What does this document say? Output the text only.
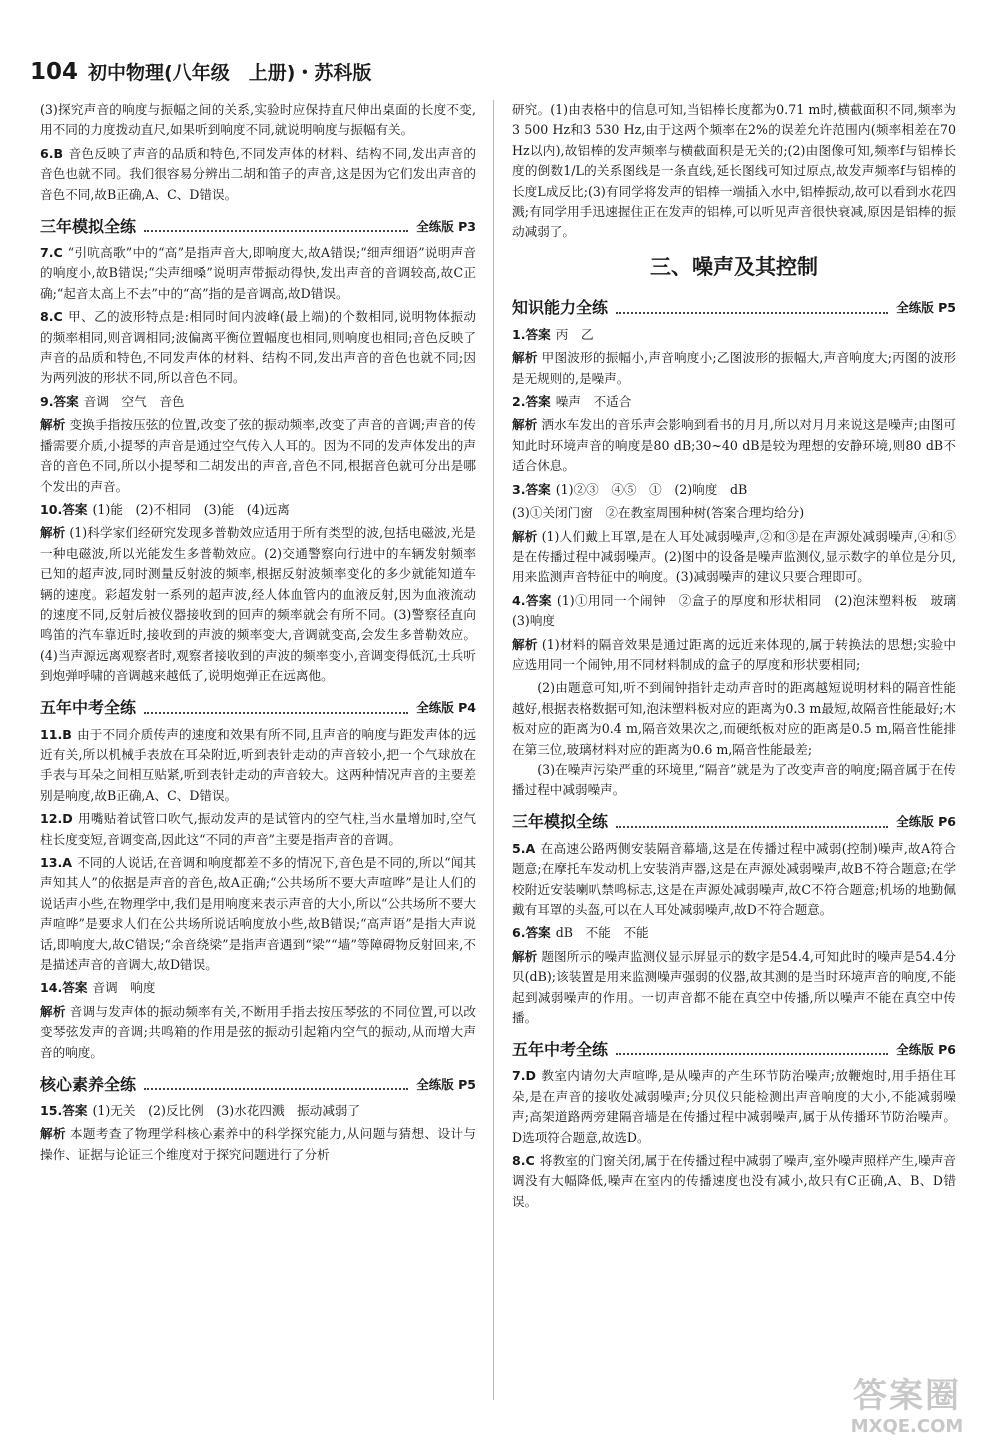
104 初中物理(八年级　上册)・苏科版

(3)探究声音的响度与振幅之间的关系,实验时应保持直尺伸出桌面的长度不变,用不同的力度拨动直尺,如果听到响度不同,就说明响度与振幅有关。

6.B 音色反映了声音的品质和特色,不同发声体的材料、结构不同,发出声音的音色也就不同。我们很容易分辨出二胡和笛子的声音,这是因为它们发出声音的音色不同,故B正确,A、C、D错误。

三年模拟全练	全练版 P3

7.C “引吭高歌”中的“高”是指声音大,即响度大,故A错误;“细声细语”说明声音的响度小,故B错误;“尖声细嗓”说明声带振动得快,发出声音的音调较高,故C正确;“起音太高上不去”中的“高”指的是音调高,故D错误。

8.C 甲、乙的波形特点是:相同时间内波峰(最上端)的个数相同,说明物体振动的频率相同,则音调相同;波偏离平衡位置幅度也相同,则响度也相同;音色反映了声音的品质和特色,不同发声体的材料、结构不同,发出声音的音色也就不同;因为两列波的形状不同,所以音色不同。

9.答案 音调　空气　音色

解析 变换手指按压弦的位置,改变了弦的振动频率,改变了声音的音调;声音的传播需要介质,小提琴的声音是通过空气传入人耳的。因为不同的发声体发出的声音的音色不同,所以小提琴和二胡发出的声音,音色不同,根据音色就可分出是哪个发出的声音。

10.答案 (1)能　(2)不相同　(3)能　(4)远离

解析 (1)科学家们经研究发现多普勒效应适用于所有类型的波,包括电磁波,光是一种电磁波,所以光能发生多普勒效应。(2)交通警察向行进中的车辆发射频率已知的超声波,同时测量反射波的频率,根据反射波频率变化的多少就能知道车辆的速度。彩超发射一系列的超声波,经人体血管内的血液反射,因为血液流动的速度不同,反射后被仪器接收到的回声的频率就会有所不同。(3)警察径直向鸣笛的汽车靠近时,接收到的声波的频率变大,音调就变高,会发生多普勒效应。(4)当声源远离观察者时,观察者接收到的声波的频率变小,音调变得低沉,士兵听到炮弹呼啸的音调越来越低了,说明炮弹正在远离他。

五年中考全练	全练版 P4

11.B 由于不同介质传声的速度和效果有所不同,且声音的响度与距发声体的远近有关,所以机械手表放在耳朵附近,听到表针走动的声音较小,把一个气球放在手表与耳朵之间相互贴紧,听到表针走动的声音较大。这两种情况声音的主要差别是响度,故B正确,A、C、D错误。

12.D 用嘴贴着试管口吹气,振动发声的是试管内的空气柱,当水量增加时,空气柱长度变短,音调变高,因此这“不同的声音”主要是指声音的音调。

13.A 不同的人说话,在音调和响度都差不多的情况下,音色是不同的,所以“闻其声知其人”的依据是声音的音色,故A正确;“公共场所不要大声喧哗”是让人们的说话声小些,在物理学中,我们是用响度来表示声音的大小,所以“公共场所不要大声喧哗”是要求人们在公共场所说话响度放小些,故B错误;“高声语”是指大声说话,即响度大,故C错误;“余音绕梁”是指声音遇到“梁”“墙”等障碍物反射回来,不是描述声音的音调大,故D错误。

14.答案 音调　响度

解析 音调与发声体的振动频率有关,不断用手指去按压琴弦的不同位置,可以改变琴弦发声的音调;共鸣箱的作用是弦的振动引起箱内空气的振动,从而增大声音的响度。

核心素养全练	全练版 P5

15.答案 (1)无关　(2)反比例　(3)水花四溅　振动减弱了

解析 本题考查了物理学科核心素养中的科学探究能力,从问题与猜想、设计与操作、证据与论证三个维度对于探究问题进行了分析

研究。(1)由表格中的信息可知,当铝棒长度都为0.71 m时,横截面积不同,频率为3 500 Hz和3 530 Hz,由于这两个频率在2%的误差允许范围内(频率相差在70 Hz以内),故铝棒的发声频率与横截面积是无关的;(2)由图像可知,频率f与铝棒长度的倒数1/L的关系图线是一条直线,延长图线可知过原点,故发声频率f与铝棒的长度L成反比;(3)有同学将发声的铝棒一端插入水中,铝棒振动,故可以看到水花四溅;有同学用手迅速握住正在发声的铝棒,可以听见声音很快衰减,原因是铝棒的振动减弱了。

三、噪声及其控制
知识能力全练	全练版 P5

1.答案 丙　乙

解析 甲图波形的振幅小,声音响度小;乙图波形的振幅大,声音响度大;丙图的波形是无规则的,是噪声。

2.答案 噪声　不适合

解析 洒水车发出的音乐声会影响到看书的月月,所以对月月来说这是噪声;由图可知此时环境声音的响度是80 dB;30~40 dB是较为理想的安静环境,则80 dB不适合休息。

3.答案 (1)②③　④⑤　①　(2)响度　dB

(3)①关闭门窗　②在教室周围种树(答案合理均给分)

解析 (1)人们戴上耳罩,是在人耳处减弱噪声,②和③是在声源处减弱噪声,④和⑤是在传播过程中减弱噪声。(2)图中的设备是噪声监测仪,显示数字的单位是分贝,用来监测声音特征中的响度。(3)减弱噪声的建议只要合理即可。

4.答案 (1)①用同一个闹钟　②盒子的厚度和形状相同　(2)泡沫塑料板　玻璃　(3)响度

解析 (1)材料的隔音效果是通过距离的远近来体现的,属于转换法的思想;实验中应选用同一个闹钟,用不同材料制成的盒子的厚度和形状要相同;

(2)由题意可知,听不到闹钟指针走动声音时的距离越短说明材料的隔音性能越好,根据表格数据可知,泡沫塑料板对应的距离为0.3 m最短,故隔音性能最好;木板对应的距离为0.4 m,隔音效果次之,而硬纸板对应的距离是0.5 m,隔音性能排在第三位,玻璃材料对应的距离为0.6 m,隔音性能最差;

(3)在噪声污染严重的环境里,“隔音”就是为了改变声音的响度;隔音属于在传播过程中减弱噪声。

三年模拟全练	全练版 P6

5.A 在高速公路两侧安装隔音幕墙,这是在传播过程中减弱(控制)噪声,故A符合题意;在摩托车发动机上安装消声器,这是在声源处减弱噪声,故B不符合题意;在学校附近安装喇叭禁鸣标志,这是在声源处减弱噪声,故C不符合题意;机场的地勤佩戴有耳罩的头盔,可以在人耳处减弱噪声,故D不符合题意。

6.答案 dB　不能　不能

解析 题图所示的噪声监测仪显示屏显示的数字是54.4,可知此时的噪声是54.4分贝(dB);该装置是用来监测噪声强弱的仪器,故其测的是当时环境声音的响度,不能起到减弱噪声的作用。一切声音都不能在真空中传播,所以噪声不能在真空中传播。

五年中考全练	全练版 P6

7.D 教室内请勿大声喧哗,是从噪声的产生环节防治噪声;放鞭炮时,用手捂住耳朵,是在声音的接收处减弱噪声;分贝仪只能检测出声音响度的大小,不能减弱噪声;高架道路两旁建隔音墙是在传播过程中减弱噪声,属于从传播环节防治噪声。D选项符合题意,故选D。

8.C 将教室的门窗关闭,属于在传播过程中减弱了噪声,室外噪声照样产生,噪声音调没有大幅降低,噪声在室内的传播速度也没有减小,故只有C正确,A、B、D错误。

答案圈
MXQE.COM
